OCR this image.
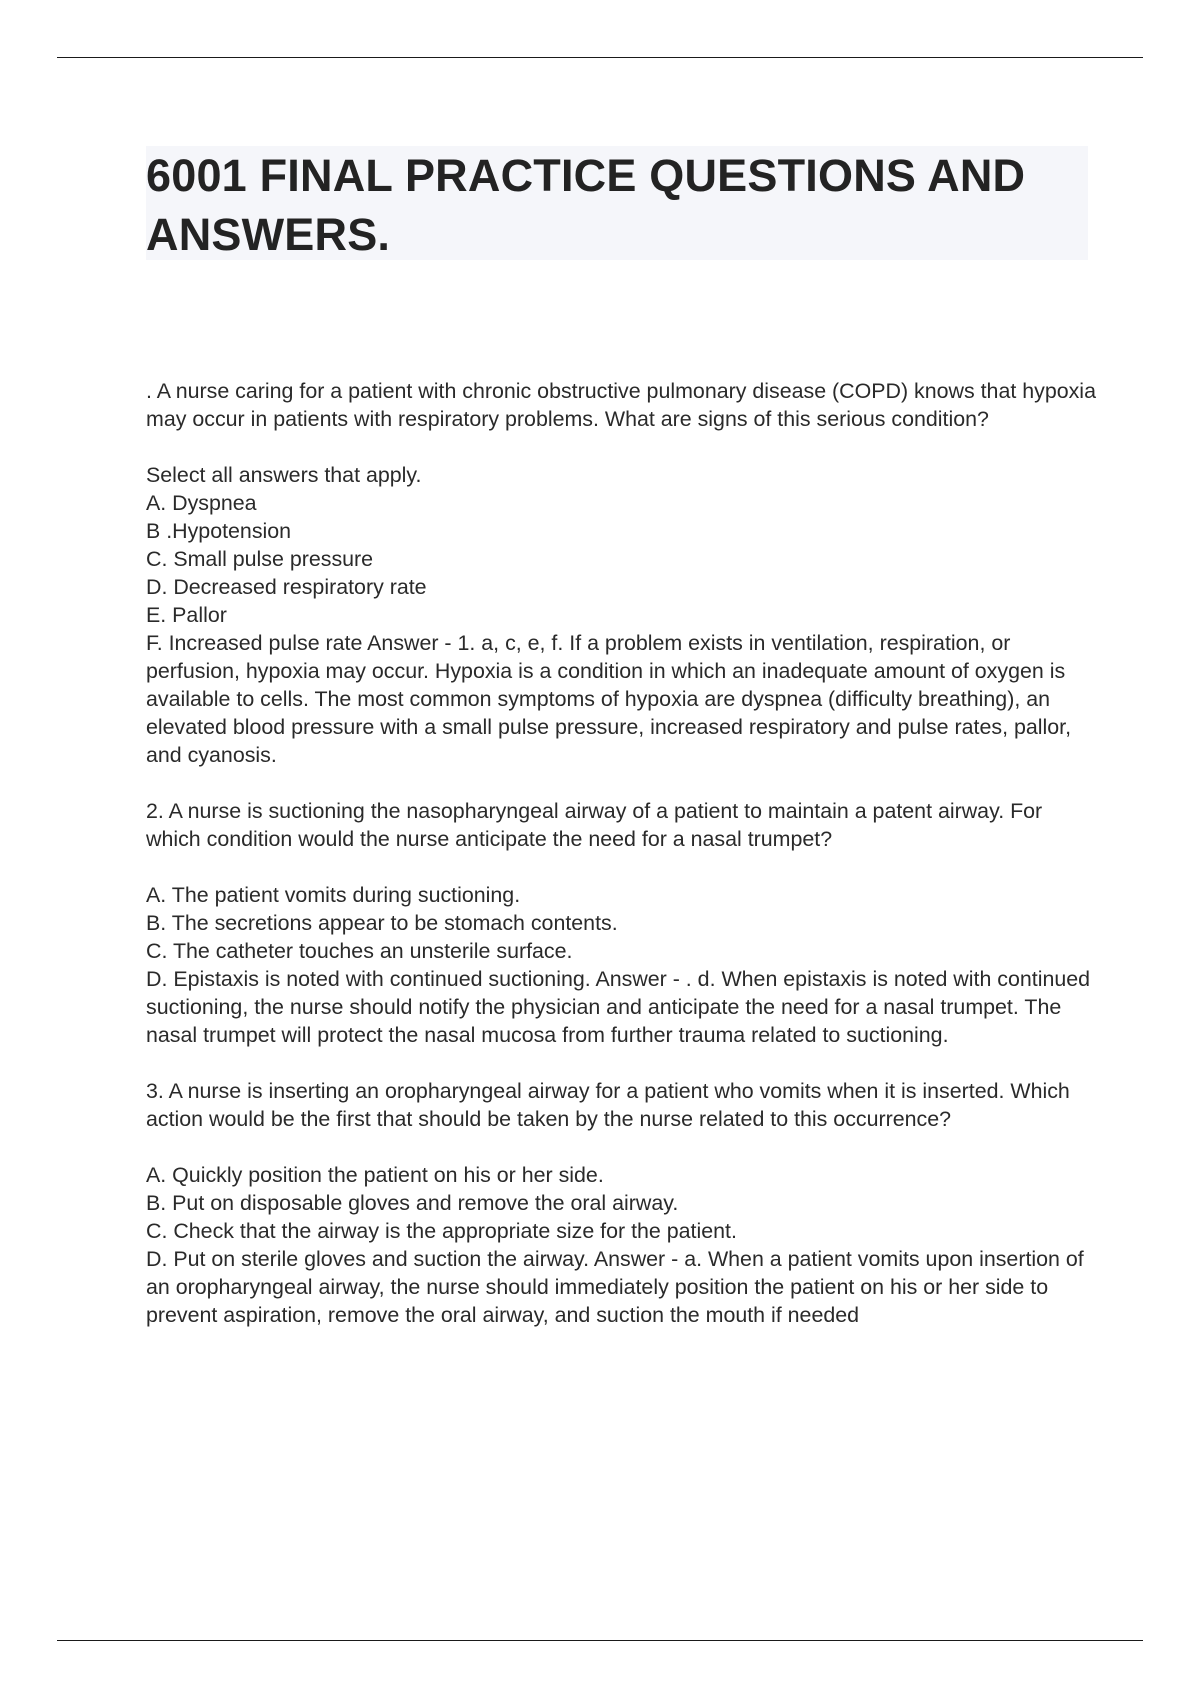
6001 FINAL PRACTICE QUESTIONS AND ANSWERS.

. A nurse caring for a patient with chronic obstructive pulmonary disease (COPD) knows that hypoxia may occur in patients with respiratory problems. What are signs of this serious condition?

Select all answers that apply.

A. Dyspnea

B .Hypotension

C. Small pulse pressure

D. Decreased respiratory rate

E. Pallor

F. Increased pulse rate Answer - 1. a, c, e, f. If a problem exists in ventilation, respiration, or perfusion, hypoxia may occur. Hypoxia is a condition in which an inadequate amount of oxygen is available to cells. The most common symptoms of hypoxia are dyspnea (difficulty breathing), an elevated blood pressure with a small pulse pressure, increased respiratory and pulse rates, pallor, and cyanosis.

2. A nurse is suctioning the nasopharyngeal airway of a patient to maintain a patent airway. For which condition would the nurse anticipate the need for a nasal trumpet?

A. The patient vomits during suctioning.

B. The secretions appear to be stomach contents.

C. The catheter touches an unsterile surface.

D. Epistaxis is noted with continued suctioning. Answer - . d. When epistaxis is noted with continued suctioning, the nurse should notify the physician and anticipate the need for a nasal trumpet. The nasal trumpet will protect the nasal mucosa from further trauma related to suctioning.

3. A nurse is inserting an oropharyngeal airway for a patient who vomits when it is inserted. Which action would be the first that should be taken by the nurse related to this occurrence?

A. Quickly position the patient on his or her side.

B. Put on disposable gloves and remove the oral airway.

C. Check that the airway is the appropriate size for the patient.

D. Put on sterile gloves and suction the airway. Answer - a. When a patient vomits upon insertion of an oropharyngeal airway, the nurse should immediately position the patient on his or her side to prevent aspiration, remove the oral airway, and suction the mouth if needed
